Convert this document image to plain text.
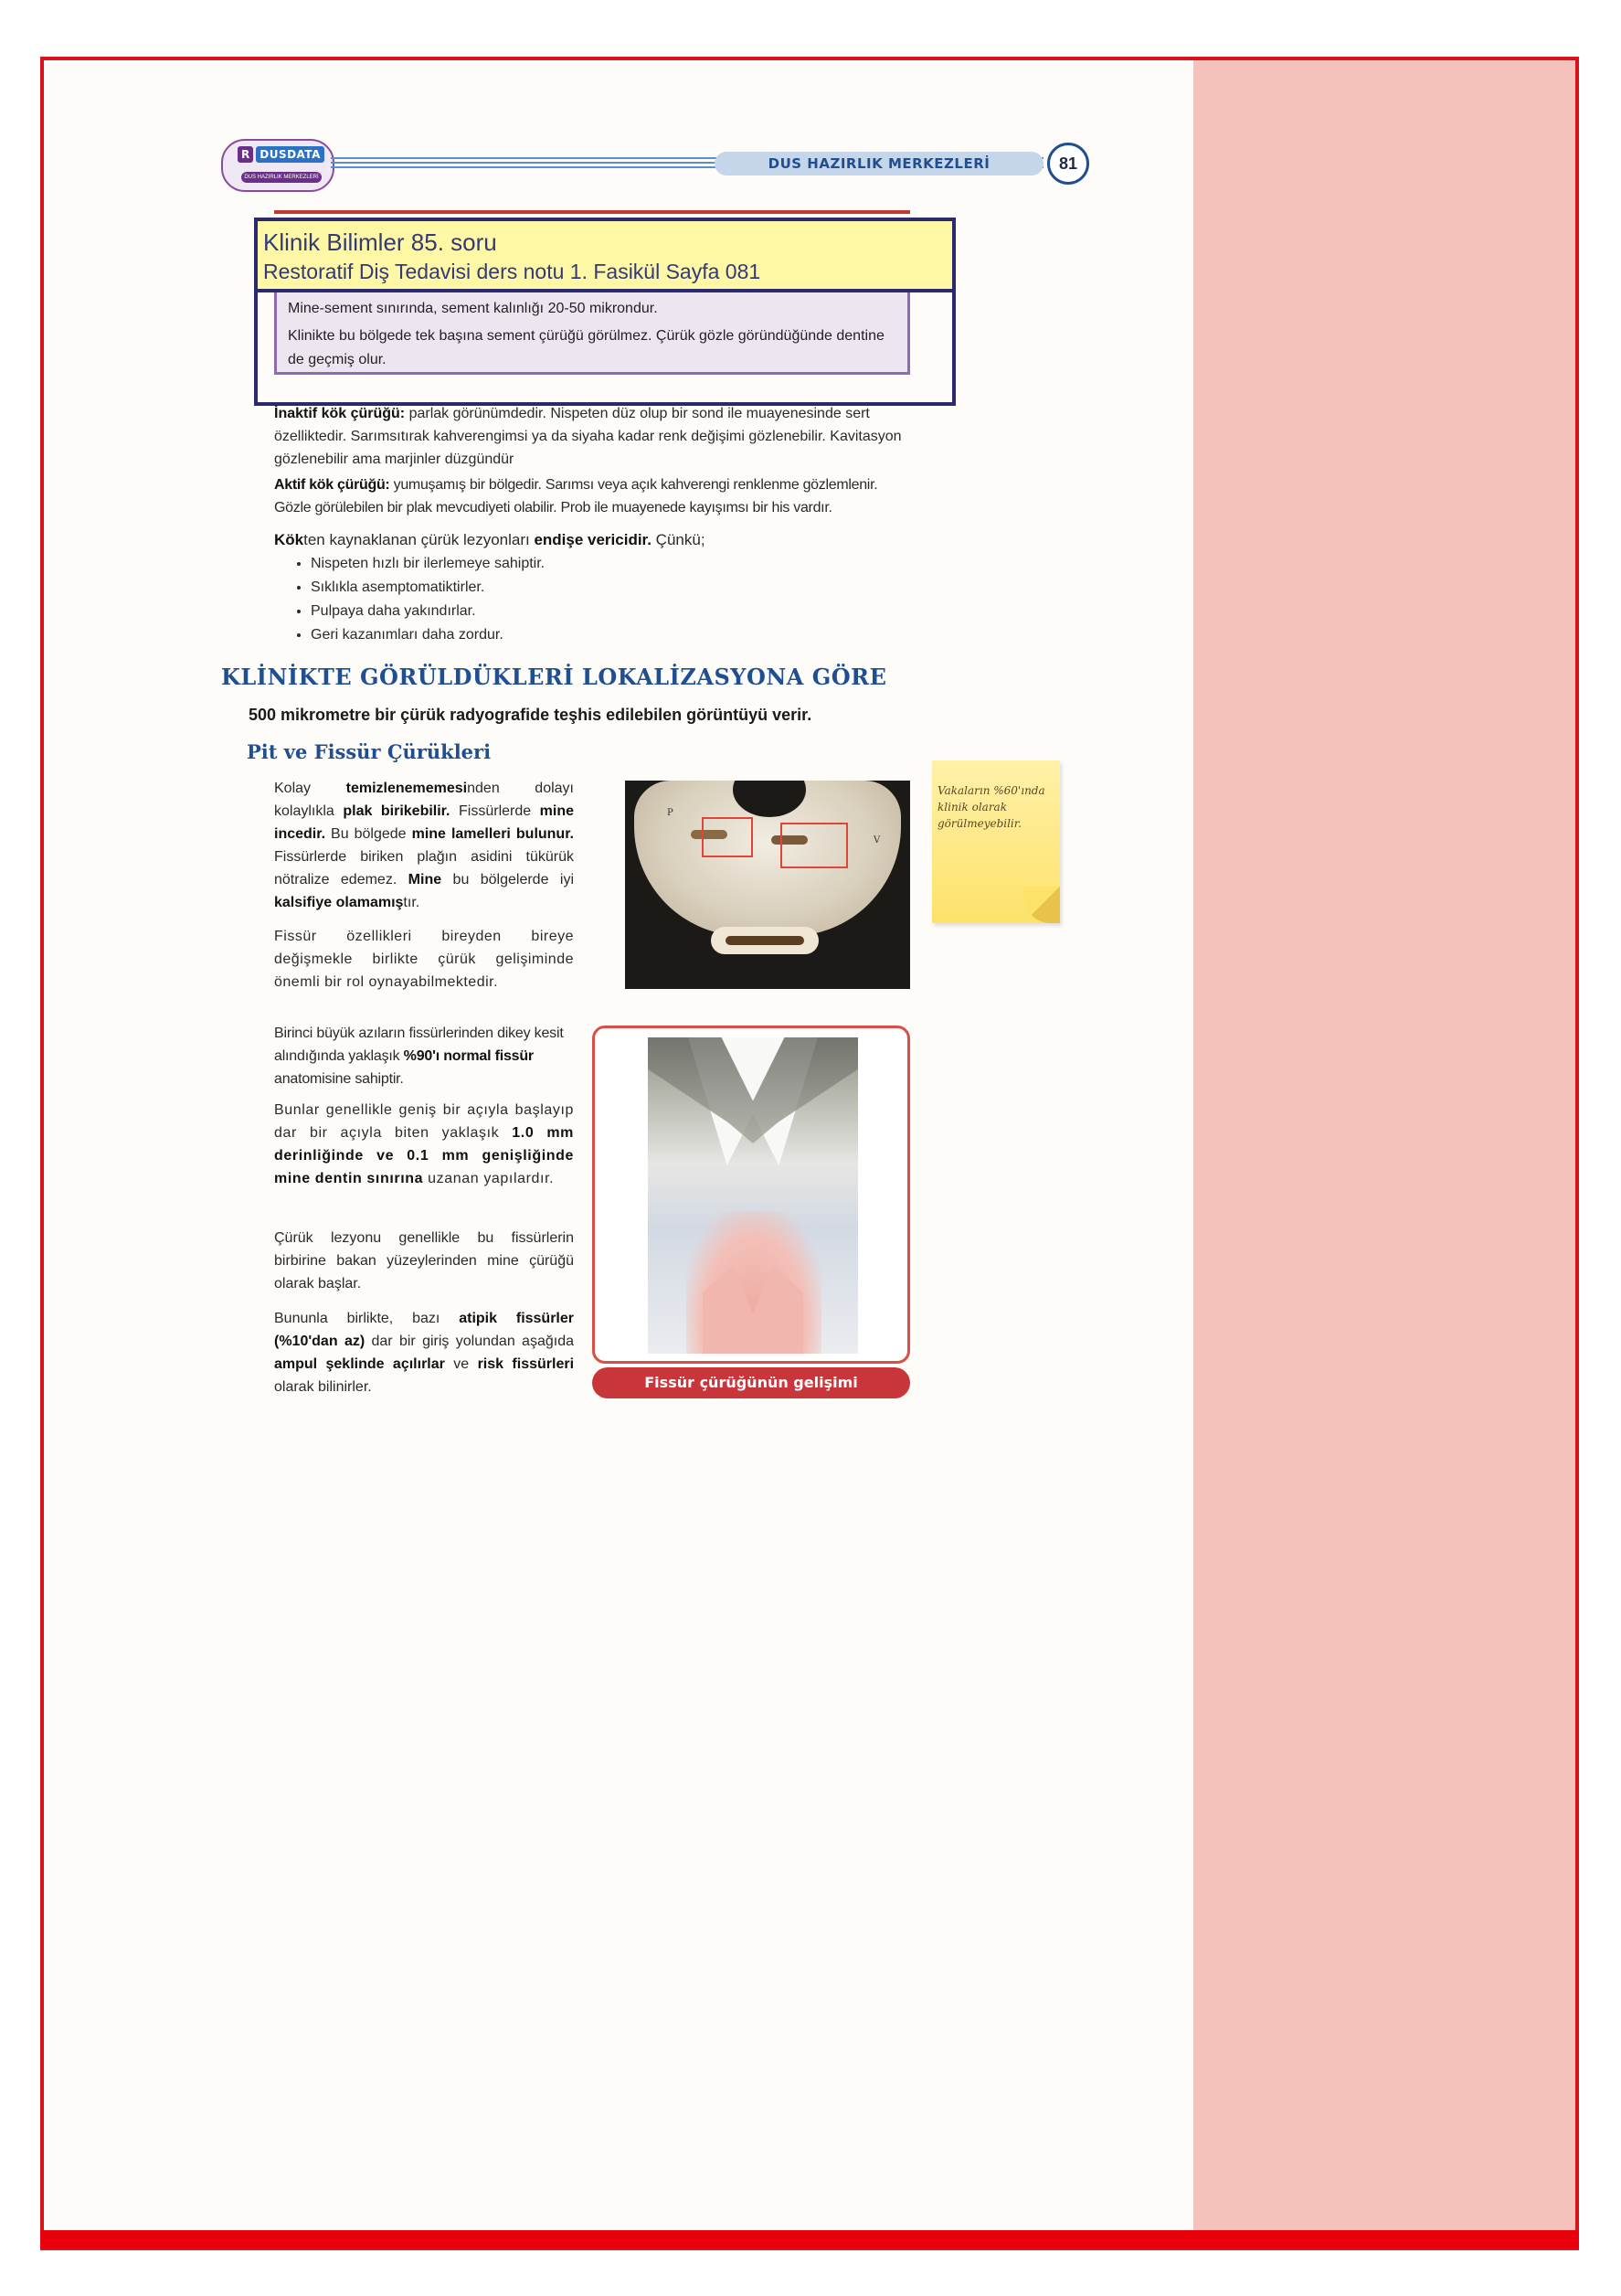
R DUSDATA
DUS HAZIRLIK MERKEZLERİ
DUS HAZIRLIK MERKEZLERİ	81

Mine-sement sınırında, sement kalınlığı 20-50 mikrondur.

Klinikte bu bölgede tek başına sement çürüğü görülmez. Çürük gözle göründüğünde dentine de geçmiş olur.

Klinik Bilimler 85. soru
Restoratif Diş Tedavisi ders notu 1. Fasikül Sayfa 081
İnaktif kök çürüğü: parlak görünümdedir. Nispeten düz olup bir sond ile muayenesinde sert özelliktedir. Sarımsıtırak kahverengimsi ya da siyaha kadar renk değişimi gözlenebilir. Kavitasyon gözlenebilir ama marjinler düzgündür
Aktif kök çürüğü: yumuşamış bir bölgedir. Sarımsı veya açık kahverengi renklenme gözlemlenir. Gözle görülebilen bir plak mevcudiyeti olabilir. Prob ile muayenede kayışımsı bir his vardır.
Kökten kaynaklanan çürük lezyonları endişe vericidir. Çünkü;
• Nispeten hızlı bir ilerlemeye sahiptir.
• Sıklıkla asemptomatiktirler.
• Pulpaya daha yakındırlar.
• Geri kazanımları daha zordur.
KLİNİKTE GÖRÜLDÜKLERİ LOKALİZASYONA GÖRE
500 mikrometre bir çürük radyografide teşhis edilebilen görüntüyü verir.
Pit ve Fissür Çürükleri
Kolay temizlenememesinden dolayı kolaylıkla plak birikebilir. Fissürlerde mine incedir. Bu bölgede mine lamelleri bulunur. Fissürlerde biriken plağın asidini tükürük nötralize edemez. Mine bu bölgelerde iyi kalsifiye olamamıştır.
Fissür özellikleri bireyden bireye değişmekle birlikte çürük gelişiminde önemli bir rol oynayabilmektedir.
P
V
Vakaların %60'ında klinik olarak görülmeyebilir.
Birinci büyük azıların fissürlerinden dikey kesit alındığında yaklaşık %90'ı normal fissür anatomisine sahiptir.
Bunlar genellikle geniş bir açıyla başlayıp dar bir açıyla biten yaklaşık 1.0 mm derinliğinde ve 0.1 mm genişliğinde mine dentin sınırına uzanan yapılardır.
Çürük lezyonu genellikle bu fissürlerin birbirine bakan yüzeylerinden mine çürüğü olarak başlar.
Bununla birlikte, bazı atipik fissürler (%10'dan az) dar bir giriş yolundan aşağıda ampul şeklinde açılırlar ve risk fissürleri olarak bilinirler.	Fissür çürüğünün gelişimi
